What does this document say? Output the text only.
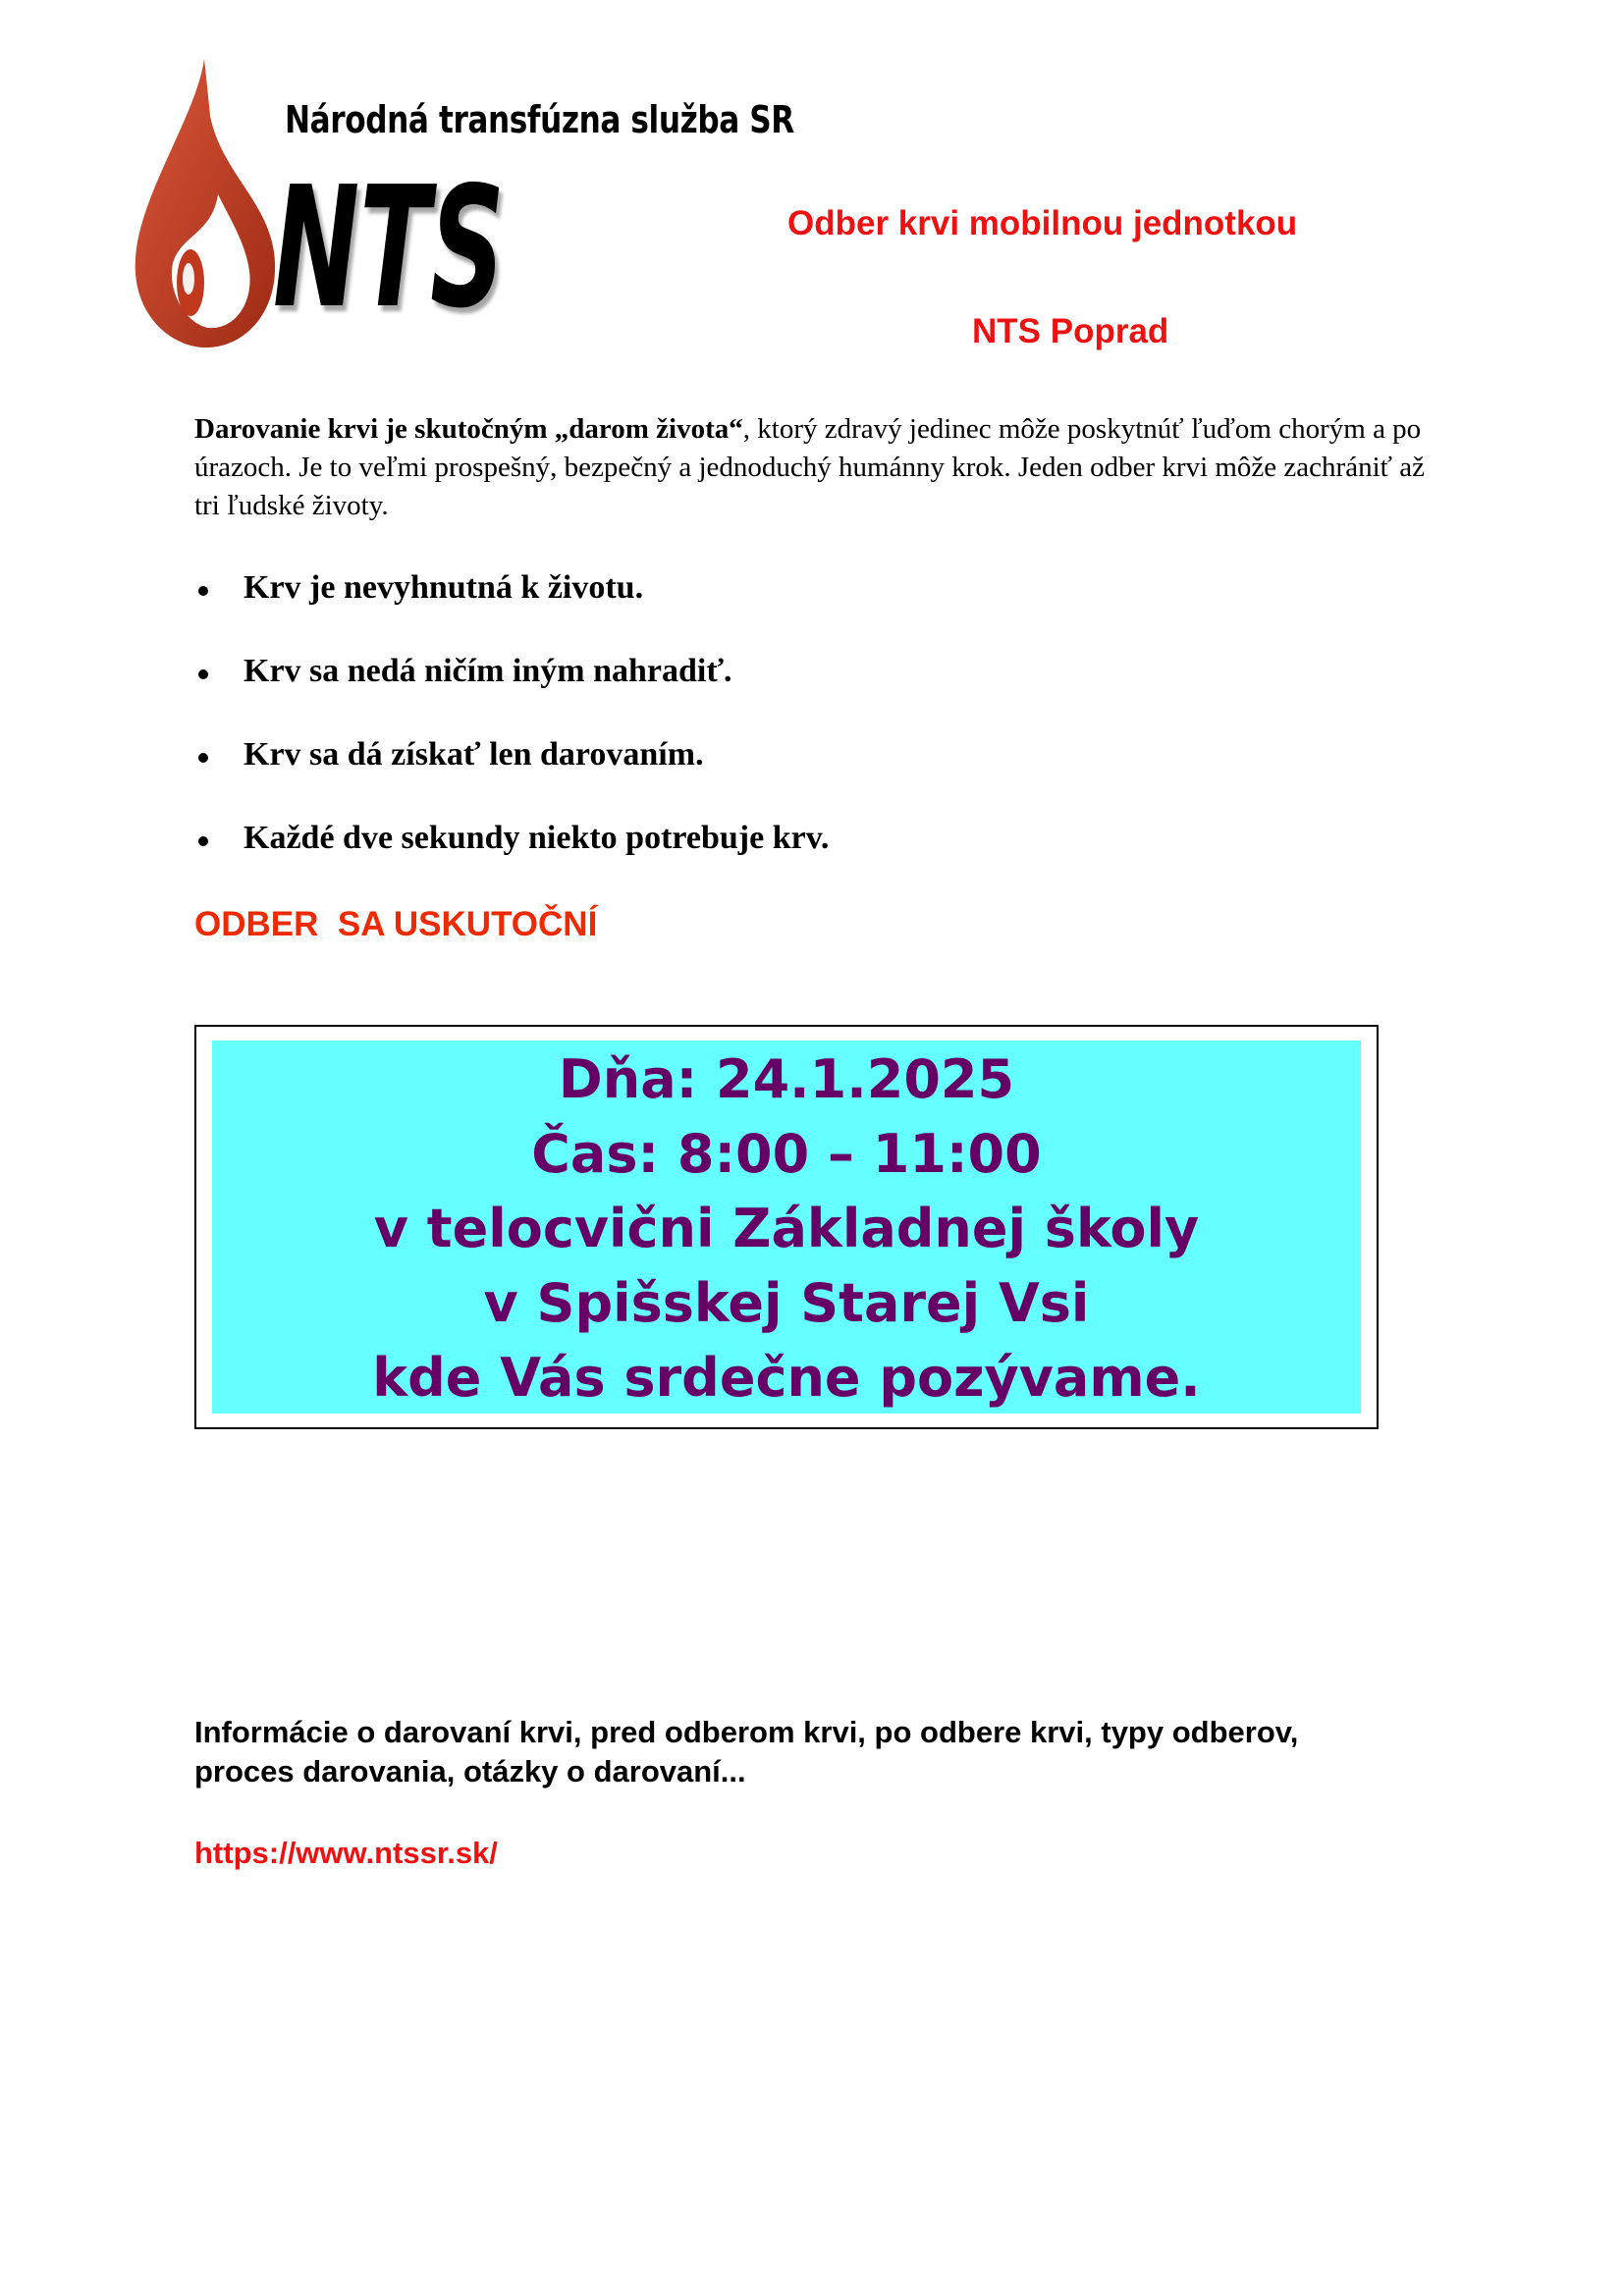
Národná transfúzna služba SR
NTS	Odber krvi mobilnou jednotkou
NTS Poprad
Darovanie krvi je skutočným „darom života“, ktorý zdravý jedinec môže poskytnúť ľuďom chorým a po úrazoch. Je to veľmi prospešný, bezpečný a jednoduchý humánny krok. Jeden odber krvi môže zachrániť až tri ľudské životy.
Krv je nevyhnutná k životu.
Krv sa nedá ničím iným nahradiť.
Krv sa dá získať len darovaním.
Každé dve sekundy niekto potrebuje krv.
ODBER  SA USKUTOČNÍ
Dňa: 24.1.2025
Čas: 8:00 – 11:00
v telocvični Základnej školy
v Spišskej Starej Vsi
kde Vás srdečne pozývame.
Informácie o darovaní krvi, pred odberom krvi, po odbere krvi, typy odberov,
proces darovania, otázky o darovaní...
https://www.ntssr.sk/
